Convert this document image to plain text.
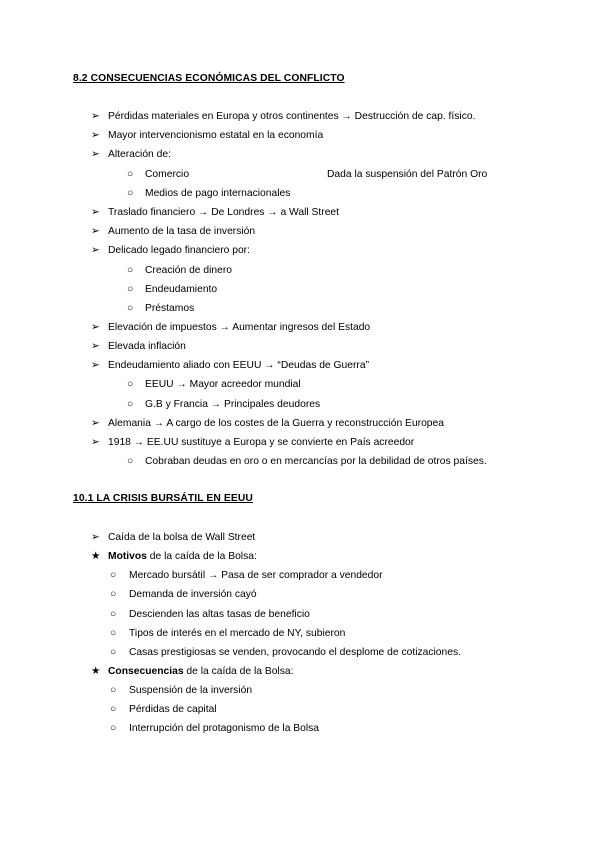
8.2 CONSECUENCIAS ECONÓMICAS DEL CONFLICTO
➢ Pérdidas materiales en Europa y otros continentes → Destrucción de cap. físico.
➢ Mayor intervencionismo estatal en la economía
➢ Alteración de:
○ Comercio	Dada la suspensión del Patrón Oro
○ Medios de pago internacionales
➢ Traslado financiero → De Londres → a Wall Street
➢ Aumento de la tasa de inversión
➢ Delicado legado financiero por:
○ Creación de dinero
○ Endeudamiento
○ Préstamos
➢ Elevación de impuestos → Aumentar ingresos del Estado
➢ Elevada inflación
➢ Endeudamiento aliado con EEUU → “Deudas de Guerra”
○ EEUU → Mayor acreedor mundial
○ G.B y Francia → Principales deudores
➢ Alemania → A cargo de los costes de la Guerra y reconstrucción Europea
➢ 1918 → EE.UU sustituye a Europa y se convierte en País acreedor
○ Cobraban deudas en oro o en mercancías por la debilidad de otros países.
10.1 LA CRISIS BURSÁTIL EN EEUU
➢ Caída de la bolsa de Wall Street
★ Motivos de la caída de la Bolsa:
○ Mercado bursátil → Pasa de ser comprador a vendedor
○ Demanda de inversión cayó
○ Descienden las altas tasas de beneficio
○ Tipos de interés en el mercado de NY, subieron
○ Casas prestigiosas se venden, provocando el desplome de cotizaciones.
★ Consecuencias de la caída de la Bolsa:
○ Suspensión de la inversión
○ Pérdidas de capital
○ Interrupción del protagonismo de la Bolsa
